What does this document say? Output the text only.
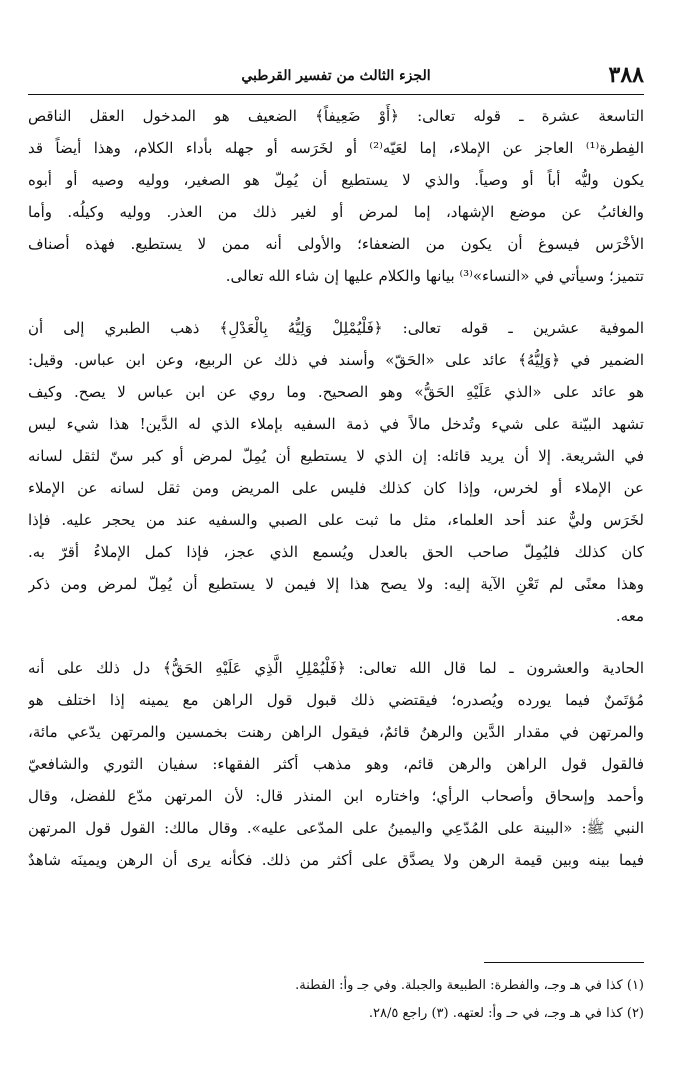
٣٨٨
الجزء الثالث من تفسير القرطبي
التاسعة عشرة ـ قوله تعالى: ﴿أَوْ ضَعِيفاً﴾ الضعيف هو المدخول العقل الناقص
الفِطرة⁽¹⁾ العاجز عن الإملاء، إما لعَيّه⁽²⁾ أو لخَرَسه أو جهله بأداء الكلام، وهذا أيضاً قد
يكون وليُّه أباً أو وصياً. والذي لا يستطيع أن يُمِلّ هو الصغير، ووليه وصيه أو أبوه
والغائبُ عن موضع الإشهاد، إما لمرض أو لغير ذلك من العذر. ووليه وكيلُه. وأما
الأخْرَس فيسوغ أن يكون من الضعفاء؛ والأولى أنه ممن لا يستطيع. فهذه أصناف
تتميز؛ وسيأتي في «النساء»⁽³⁾ بيانها والكلام عليها إن شاء الله تعالى.
الموفية عشرين ـ قوله تعالى: ﴿فَلْيُمْلِلْ وَلِيُّهُ بِالْعَدْلِ﴾ ذهب الطبري إلى أن
الضمير في ﴿وَلِيُّهُ﴾ عائد على «الحَقّ» وأسند في ذلك عن الربيع، وعن ابن عباس. وقيل:
هو عائد على «الذي عَلَيْهِ الحَقُّ» وهو الصحيح. وما روي عن ابن عباس لا يصح. وكيف
تشهد البيّنة على شيء وتُدخل مالاً في ذمة السفيه بإملاء الذي له الدَّين! هذا شيء ليس
في الشريعة. إلا أن يريد قائله: إن الذي لا يستطيع أن يُمِلّ لمرض أو كبر سنّ لثقل لسانه
عن الإملاء أو لخرس، وإذا كان كذلك فليس على المريض ومن ثقل لسانه عن الإملاء
لخَرَس وليٌّ عند أحد العلماء، مثل ما ثبت على الصبي والسفيه عند من يحجر عليه. فإذا
كان كذلك فليُمِلّ صاحب الحق بالعدل ويُسمع الذي عجز، فإذا كمل الإملاءُ أقرّ به.
وهذا معنًى لم تَعْنِ الآية إليه: ولا يصح هذا إلا فيمن لا يستطيع أن يُمِلّ لمرض ومن ذكر
معه.
الحادية والعشرون ـ لما قال الله تعالى: ﴿فَلْيُمْلِلِ الَّذِي عَلَيْهِ الحَقُّ﴾ دل ذلك على أنه
مُؤتَمنٌ فيما يورده ويُصدره؛ فيقتضي ذلك قبول قول الراهن مع يمينه إذا اختلف هو
والمرتهن في مقدار الدَّين والرهنُ قائمٌ، فيقول الراهن رهنت بخمسين والمرتهن يدّعي مائة،
فالقول قول الراهن والرهن قائم، وهو مذهب أكثر الفقهاء: سفيان الثوري والشافعيّ
وأحمد وإسحاق وأصحاب الرأي؛ واختاره ابن المنذر قال: لأن المرتهن مدّع للفضل، وقال
النبي ﷺ: «البينة على المُدّعِي واليمينُ على المدّعى عليه». وقال مالك: القول قول المرتهن
فيما بينه وبين قيمة الرهن ولا يصدَّق على أكثر من ذلك. فكأنه يرى أن الرهن ويمينَه شاهدٌ
(١) كذا في هـ وجـ، والفطرة: الطبيعة والجبلة. وفي جـ وأ: الفطنة.
(٢) كذا في هـ وجـ، في حـ وأ: لعتهه. (٣) راجع ٢٨/٥.
